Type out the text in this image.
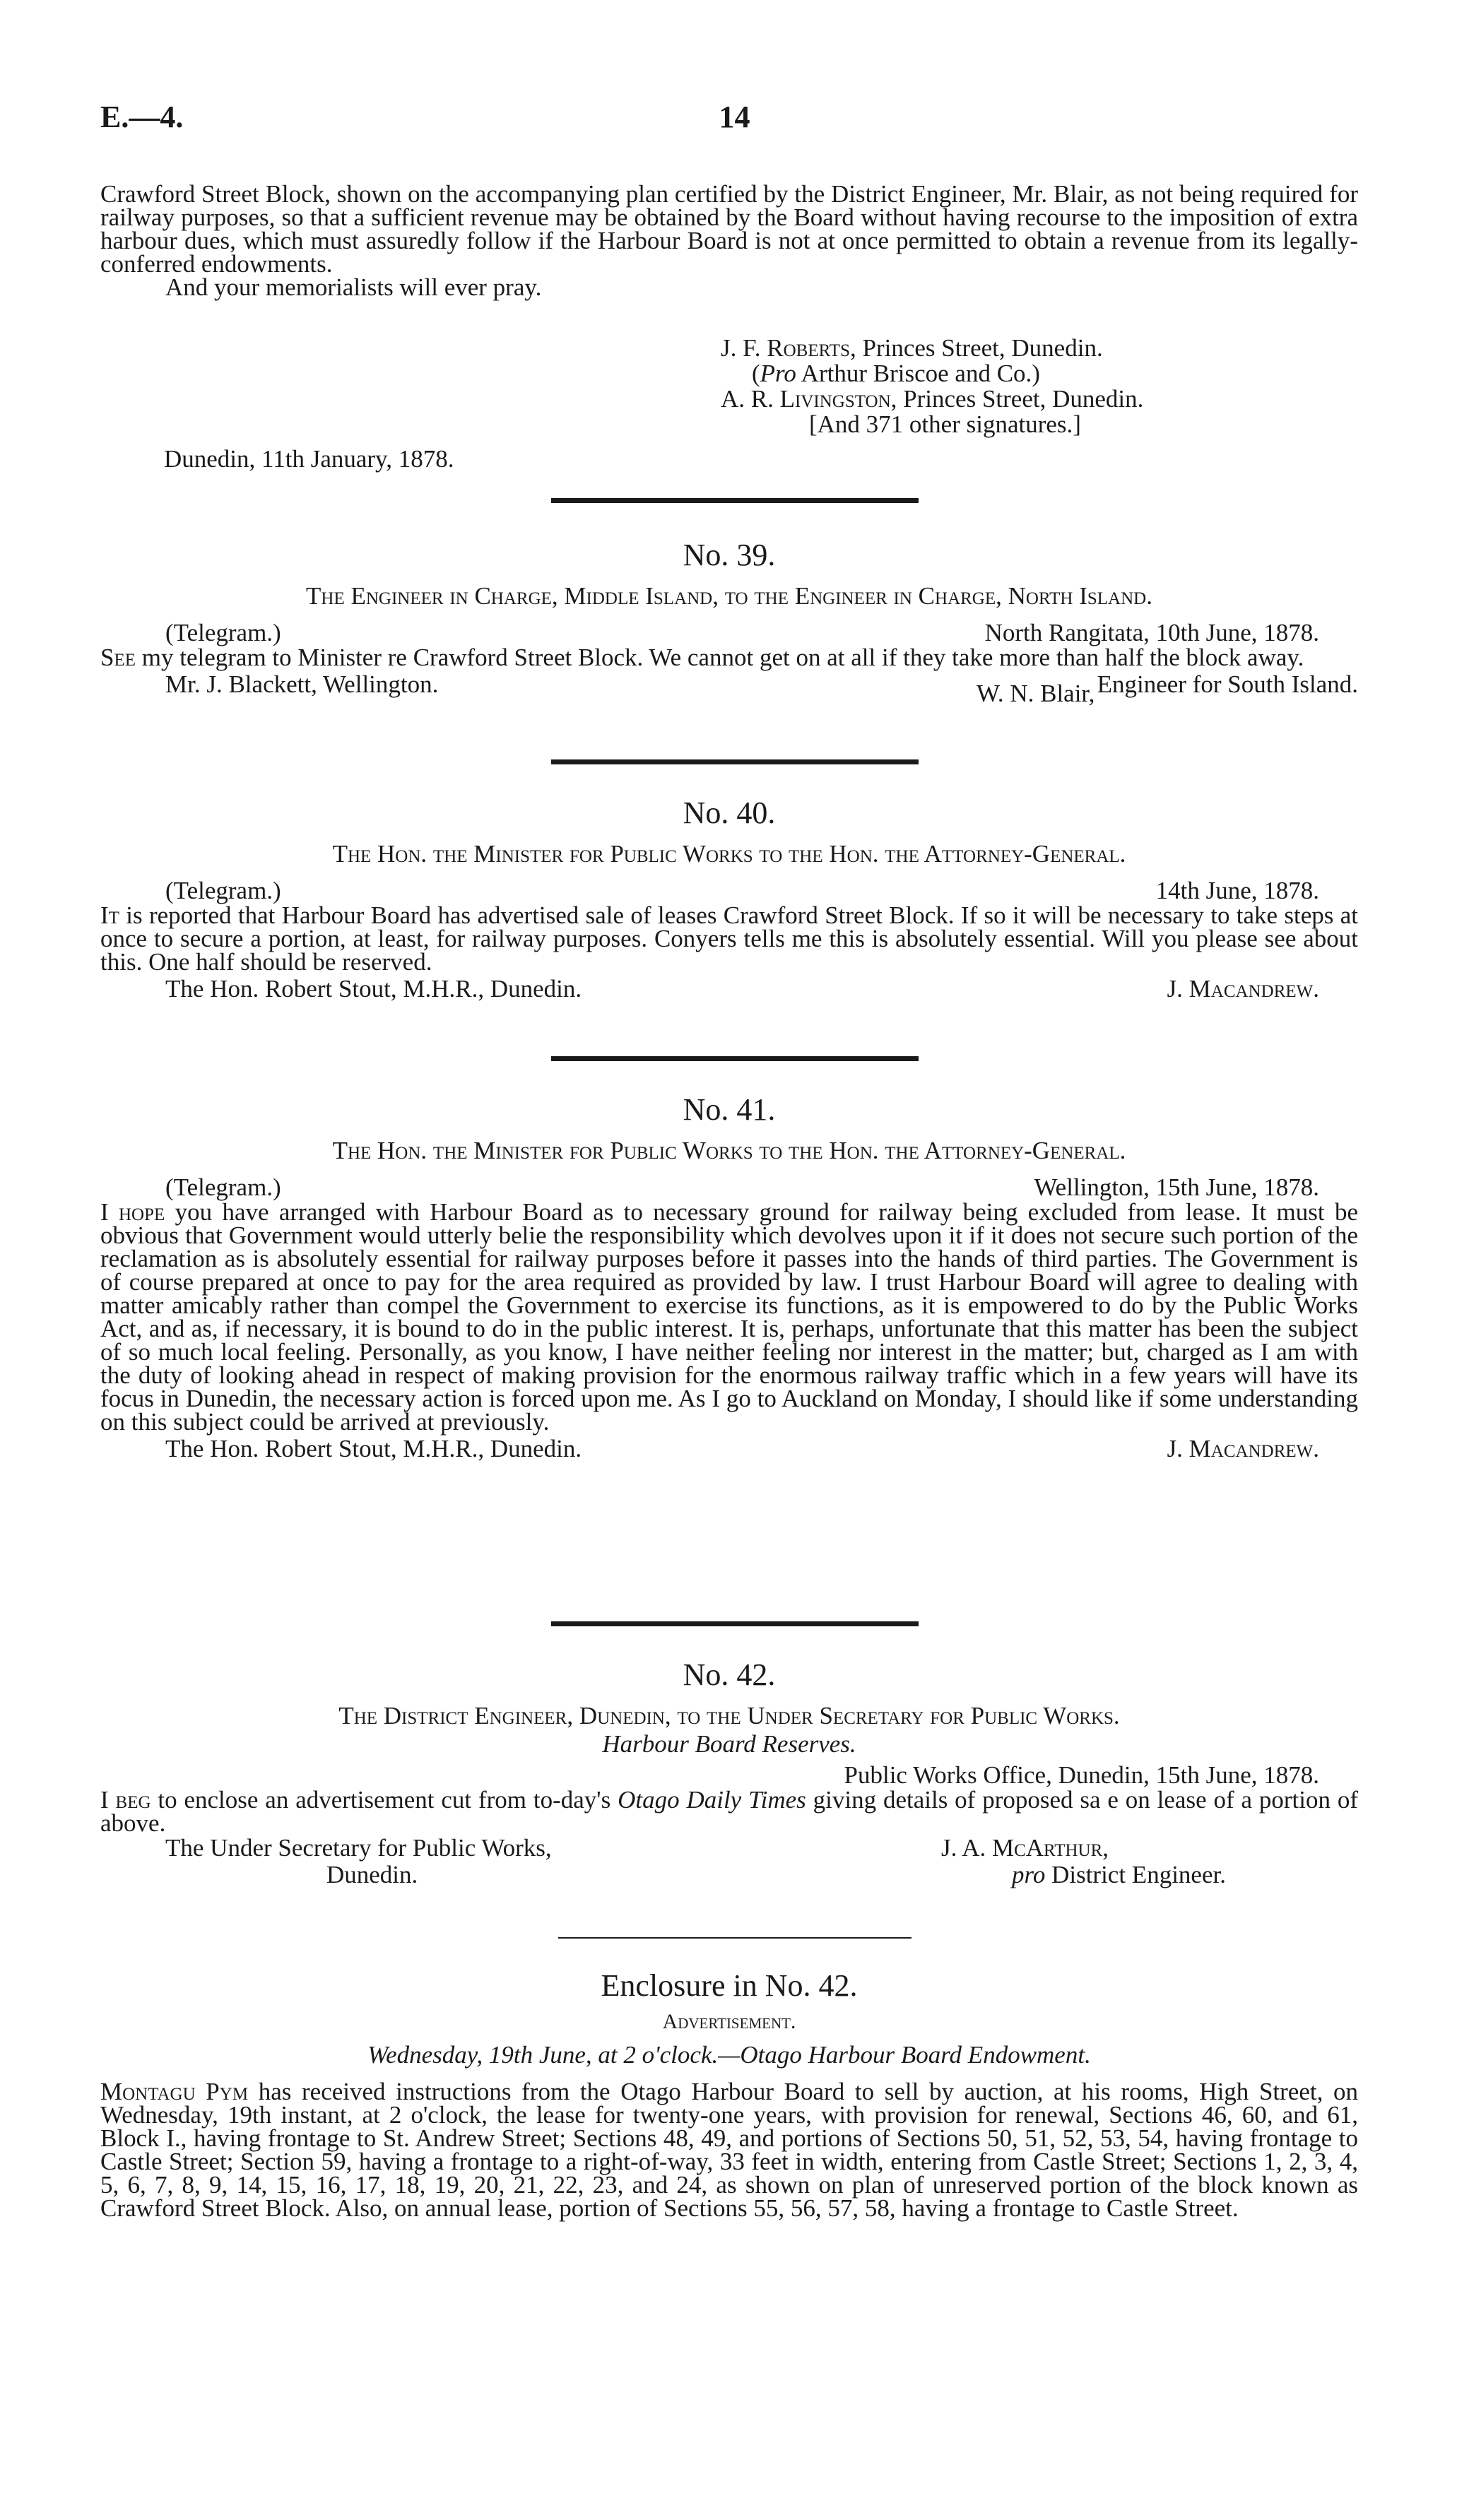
E.—4.	14

Crawford Street Block, shown on the accompanying plan certified by the District Engineer, Mr. Blair, as not being required for railway purposes, so that a sufficient revenue may be obtained by the Board without having recourse to the imposition of extra harbour dues, which must assuredly follow if the Harbour Board is not at once permitted to obtain a revenue from its legally-conferred endowments.

And your memorialists will ever pray.

J. F. Roberts, Princes Street, Dunedin.
(Pro Arthur Briscoe and Co.)
A. R. Livingston, Princes Street, Dunedin.
[And 371 other signatures.]
Dunedin, 11th January, 1878.
No. 39.
The Engineer in Charge, Middle Island, to the Engineer in Charge, North Island.
(Telegram.)	North Rangitata, 10th June, 1878.

See my telegram to Minister re Crawford Street Block. We cannot get on at all if they take more than half the block away.

W. N. Blair,
Mr. J. Blackett, Wellington.	Engineer for South Island.
No. 40.
The Hon. the Minister for Public Works to the Hon. the Attorney-General.
(Telegram.)	14th June, 1878.

It is reported that Harbour Board has advertised sale of leases Crawford Street Block. If so it will be necessary to take steps at once to secure a portion, at least, for railway purposes. Conyers tells me this is absolutely essential. Will you please see about this. One half should be reserved.

The Hon. Robert Stout, M.H.R., Dunedin.	J. Macandrew.
No. 41.
The Hon. the Minister for Public Works to the Hon. the Attorney-General.
(Telegram.)	Wellington, 15th June, 1878.

I hope you have arranged with Harbour Board as to necessary ground for railway being excluded from lease. It must be obvious that Government would utterly belie the responsibility which devolves upon it if it does not secure such portion of the reclamation as is absolutely essential for railway purposes before it passes into the hands of third parties. The Government is of course prepared at once to pay for the area required as provided by law. I trust Harbour Board will agree to dealing with matter amicably rather than compel the Government to exercise its functions, as it is empowered to do by the Public Works Act, and as, if necessary, it is bound to do in the public interest. It is, perhaps, unfortunate that this matter has been the subject of so much local feeling. Personally, as you know, I have neither feeling nor interest in the matter; but, charged as I am with the duty of looking ahead in respect of making provision for the enormous railway traffic which in a few years will have its focus in Dunedin, the necessary action is forced upon me. As I go to Auckland on Monday, I should like if some understanding on this subject could be arrived at previously.

The Hon. Robert Stout, M.H.R., Dunedin.	J. Macandrew.
No. 42.
The District Engineer, Dunedin, to the Under Secretary for Public Works.
Harbour Board Reserves.
Public Works Office, Dunedin, 15th June, 1878.

I beg to enclose an advertisement cut from to-day's Otago Daily Times giving details of proposed sa e on lease of a portion of above.

The Under Secretary for Public Works,
Dunedin.
J. A. McArthur,
pro District Engineer.
Enclosure in No. 42.
Advertisement.
Wednesday, 19th June, at 2 o'clock.—Otago Harbour Board Endowment.

Montagu Pym has received instructions from the Otago Harbour Board to sell by auction, at his rooms, High Street, on Wednesday, 19th instant, at 2 o'clock, the lease for twenty-one years, with provision for renewal, Sections 46, 60, and 61, Block I., having frontage to St. Andrew Street; Sections 48, 49, and portions of Sections 50, 51, 52, 53, 54, having frontage to Castle Street; Section 59, having a frontage to a right-of-way, 33 feet in width, entering from Castle Street; Sections 1, 2, 3, 4, 5, 6, 7, 8, 9, 14, 15, 16, 17, 18, 19, 20, 21, 22, 23, and 24, as shown on plan of unreserved portion of the block known as Crawford Street Block. Also, on annual lease, portion of Sections 55, 56, 57, 58, having a frontage to Castle Street.
